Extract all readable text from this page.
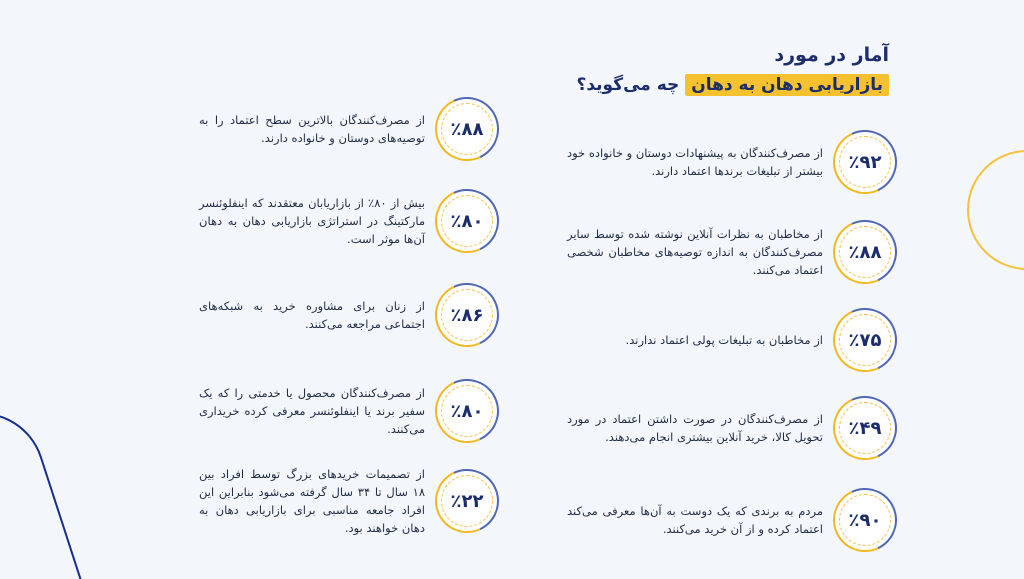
آمار در مورد
بازاریابی دهان به دهان چه می‌گوید؟
٪۹۲
از مصرف‌کنندگان به پیشنهادات دوستان و خانواده خود بیشتر از تبلیغات برندها اعتماد دارند.
٪۸۸
از مخاطبان به نظرات آنلاین نوشته شده توسط سایر مصرف‌کنندگان به اندازه توصیه‌های مخاطبان شخصی اعتماد می‌کنند.
٪۷۵
از مخاطبان به تبلیغات پولی اعتماد ندارند.
٪۴۹
از مصرف‌کنندگان در صورت داشتن اعتماد در مورد تحویل کالا، خرید آنلاین بیشتری انجام می‌دهند.
٪۹۰
مردم به برندی که یک دوست به آن‌ها معرفی می‌کند اعتماد کرده و از آن خرید می‌کنند.
٪۸۸
از مصرف‌کنندگان بالاترین سطح اعتماد را به توصیه‌های دوستان و خانواده دارند.
٪۸۰
بیش از ۸۰٪ از بازاریابان معتقدند که اینفلوئنسر مارکتینگ در استراتژی بازاریابی دهان به دهان آن‌ها موثر است.
٪۸۶
از زنان برای مشاوره خرید به شبکه‌های اجتماعی مراجعه می‌کنند.
٪۸۰
از مصرف‌کنندگان محصول یا خدمتی را که یک سفیر برند یا اینفلوئنسر معرفی کرده خریداری می‌کنند.
٪۲۲
از تصمیمات خریدهای بزرگ توسط افراد بین ۱۸ سال تا ۳۴ سال گرفته می‌شود بنابراین این افراد جامعه مناسبی برای بازاریابی دهان به دهان خواهند بود.
